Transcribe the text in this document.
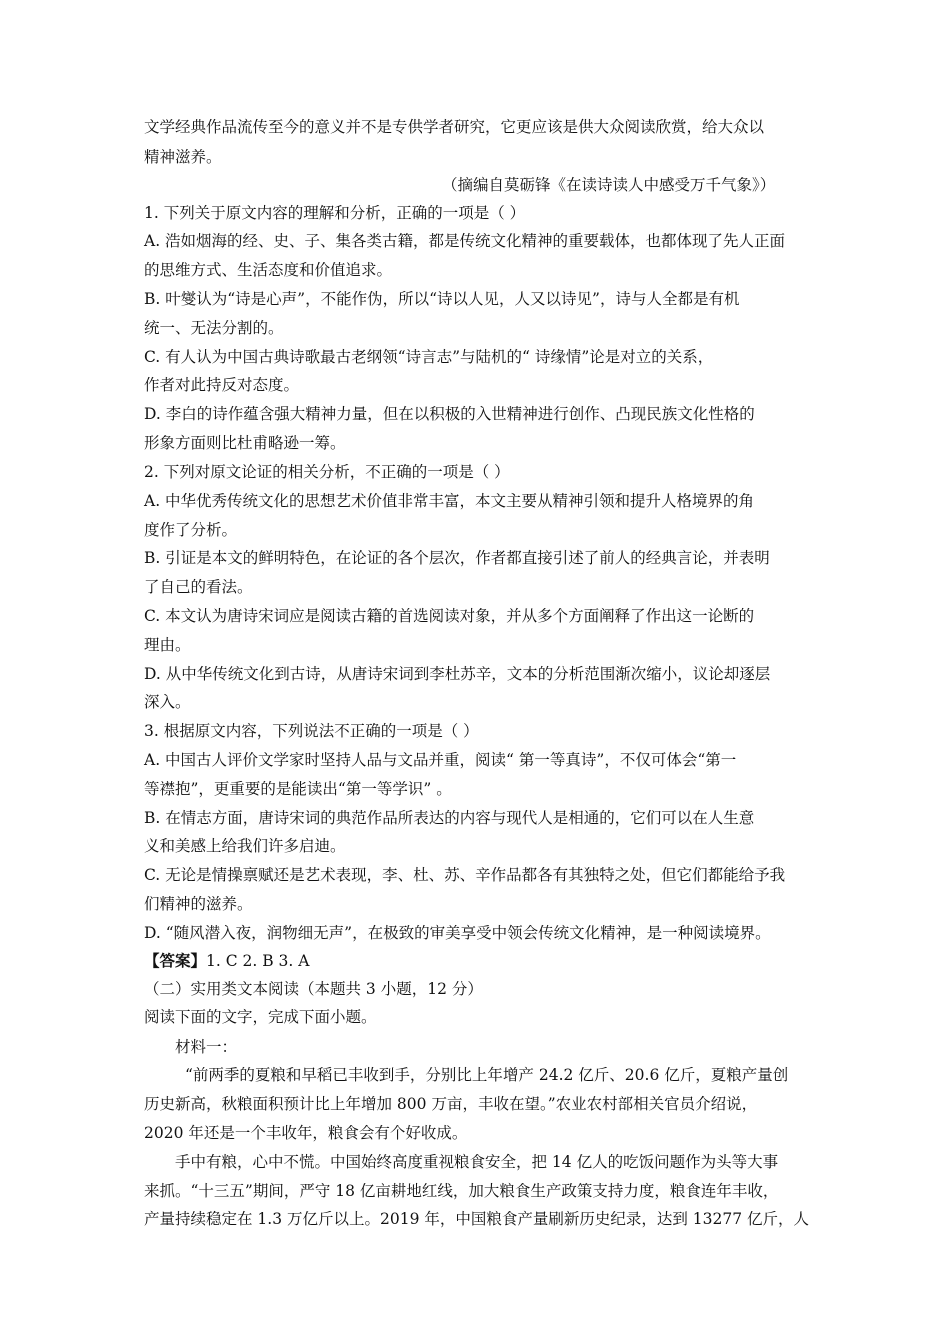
文学经典作品流传至今的意义并不是专供学者研究，它更应该是供大众阅读欣赏，给大众以
精神滋养。
（摘编自莫砺锋《在读诗读人中感受万千气象》）
1. 下列关于原文内容的理解和分析，正确的一项是（ ）
A. 浩如烟海的经、史、子、集各类古籍，都是传统文化精神的重要载体，也都体现了先人正面
的思维方式、生活态度和价值追求。
B. 叶燮认为“诗是心声”，不能作伪，所以“诗以人见，人又以诗见”，诗与人全都是有机
统一、无法分割的。
C. 有人认为中国古典诗歌最古老纲领“诗言志”与陆机的“ 诗缘情”论是对立的关系，
作者对此持反对态度。
D. 李白的诗作蕴含强大精神力量，但在以积极的入世精神进行创作、凸现民族文化性格的
形象方面则比杜甫略逊一筹。
2. 下列对原文论证的相关分析，不正确的一项是（ ）
A. 中华优秀传统文化的思想艺术价值非常丰富，本文主要从精神引领和提升人格境界的角
度作了分析。
B. 引证是本文的鲜明特色，在论证的各个层次，作者都直接引述了前人的经典言论，并表明
了自己的看法。
C. 本文认为唐诗宋词应是阅读古籍的首选阅读对象，并从多个方面阐释了作出这一论断的
理由。
D. 从中华传统文化到古诗，从唐诗宋词到李杜苏辛，文本的分析范围渐次缩小，议论却逐层
深入。
3. 根据原文内容，下列说法不正确的一项是（ ）
A. 中国古人评价文学家时坚持人品与文品并重，阅读“ 第一等真诗”，不仅可体会“第一
等襟抱”，更重要的是能读出“第一等学识” 。
B. 在情志方面，唐诗宋词的典范作品所表达的内容与现代人是相通的，它们可以在人生意
义和美感上给我们许多启迪。
C. 无论是情操禀赋还是艺术表现，李、杜、苏、辛作品都各有其独特之处，但它们都能给予我
们精神的滋养。
D. “随风潜入夜，润物细无声”，在极致的审美享受中领会传统文化精神，是一种阅读境界。
【答案】1. C 2. B 3. A
（二）实用类文本阅读（本题共 3 小题，12 分）
阅读下面的文字，完成下面小题。
材料一：
“前两季的夏粮和早稻已丰收到手，分别比上年增产 24.2 亿斤、20.6 亿斤，夏粮产量创
历史新高，秋粮面积预计比上年增加 800 万亩，丰收在望。”农业农村部相关官员介绍说，
2020 年还是一个丰收年，粮食会有个好收成。
手中有粮，心中不慌。中国始终高度重视粮食安全，把 14 亿人的吃饭问题作为头等大事
来抓。“十三五”期间，严守 18 亿亩耕地红线，加大粮食生产政策支持力度，粮食连年丰收，
产量持续稳定在 1.3 万亿斤以上。2019 年，中国粮食产量刷新历史纪录，达到 13277 亿斤，人
